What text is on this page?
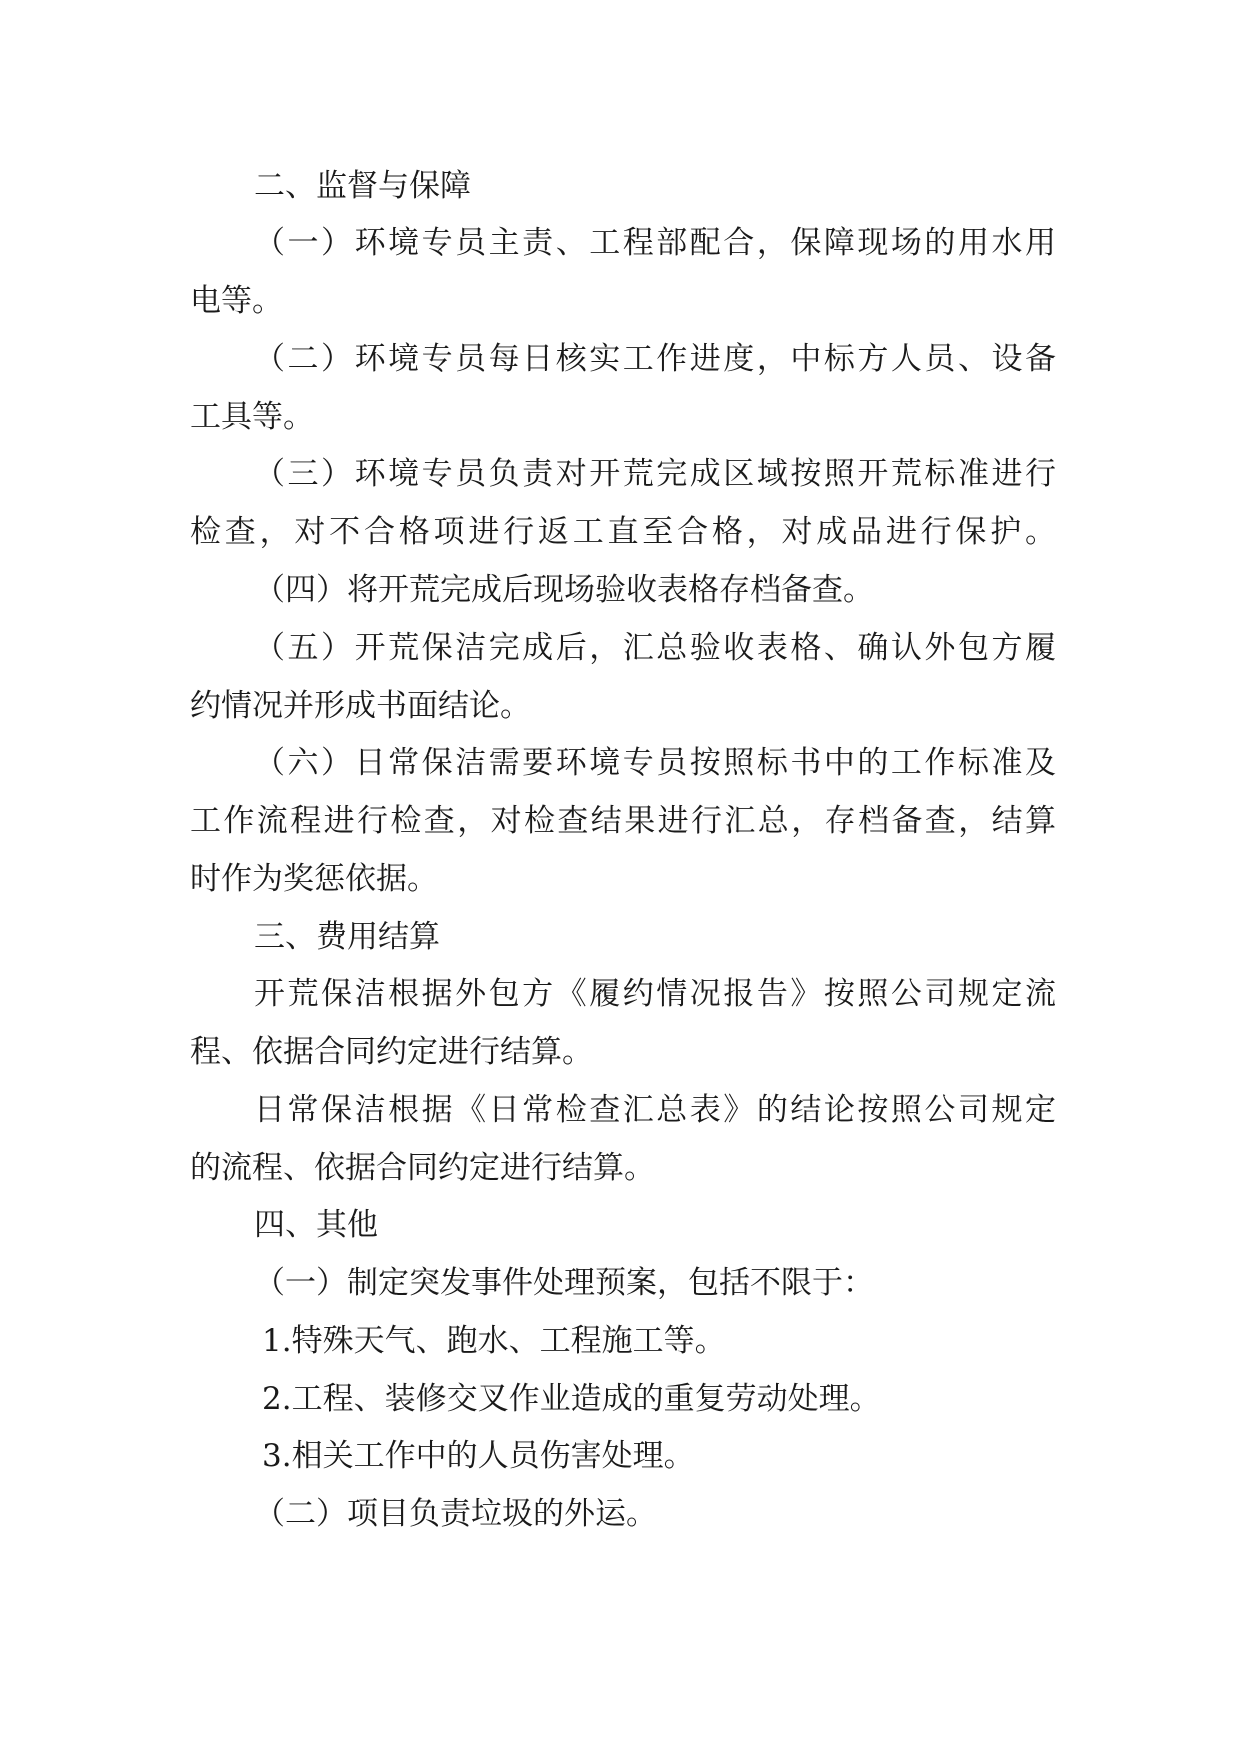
二、监督与保障
（一）环境专员主责、工程部配合，保障现场的用水用
电等。
（二）环境专员每日核实工作进度，中标方人员、设备
工具等。
（三）环境专员负责对开荒完成区域按照开荒标准进行
检查，对不合格项进行返工直至合格，对成品进行保护。
（四）将开荒完成后现场验收表格存档备查。
（五）开荒保洁完成后，汇总验收表格、确认外包方履
约情况并形成书面结论。
（六）日常保洁需要环境专员按照标书中的工作标准及
工作流程进行检查，对检查结果进行汇总，存档备查，结算
时作为奖惩依据。
三、费用结算
开荒保洁根据外包方《履约情况报告》按照公司规定流
程、依据合同约定进行结算。
日常保洁根据《日常检查汇总表》的结论按照公司规定
的流程、依据合同约定进行结算。
四、其他
（一）制定突发事件处理预案，包括不限于：
1.特殊天气、跑水、工程施工等。
2.工程、装修交叉作业造成的重复劳动处理。
3.相关工作中的人员伤害处理。
（二）项目负责垃圾的外运。
